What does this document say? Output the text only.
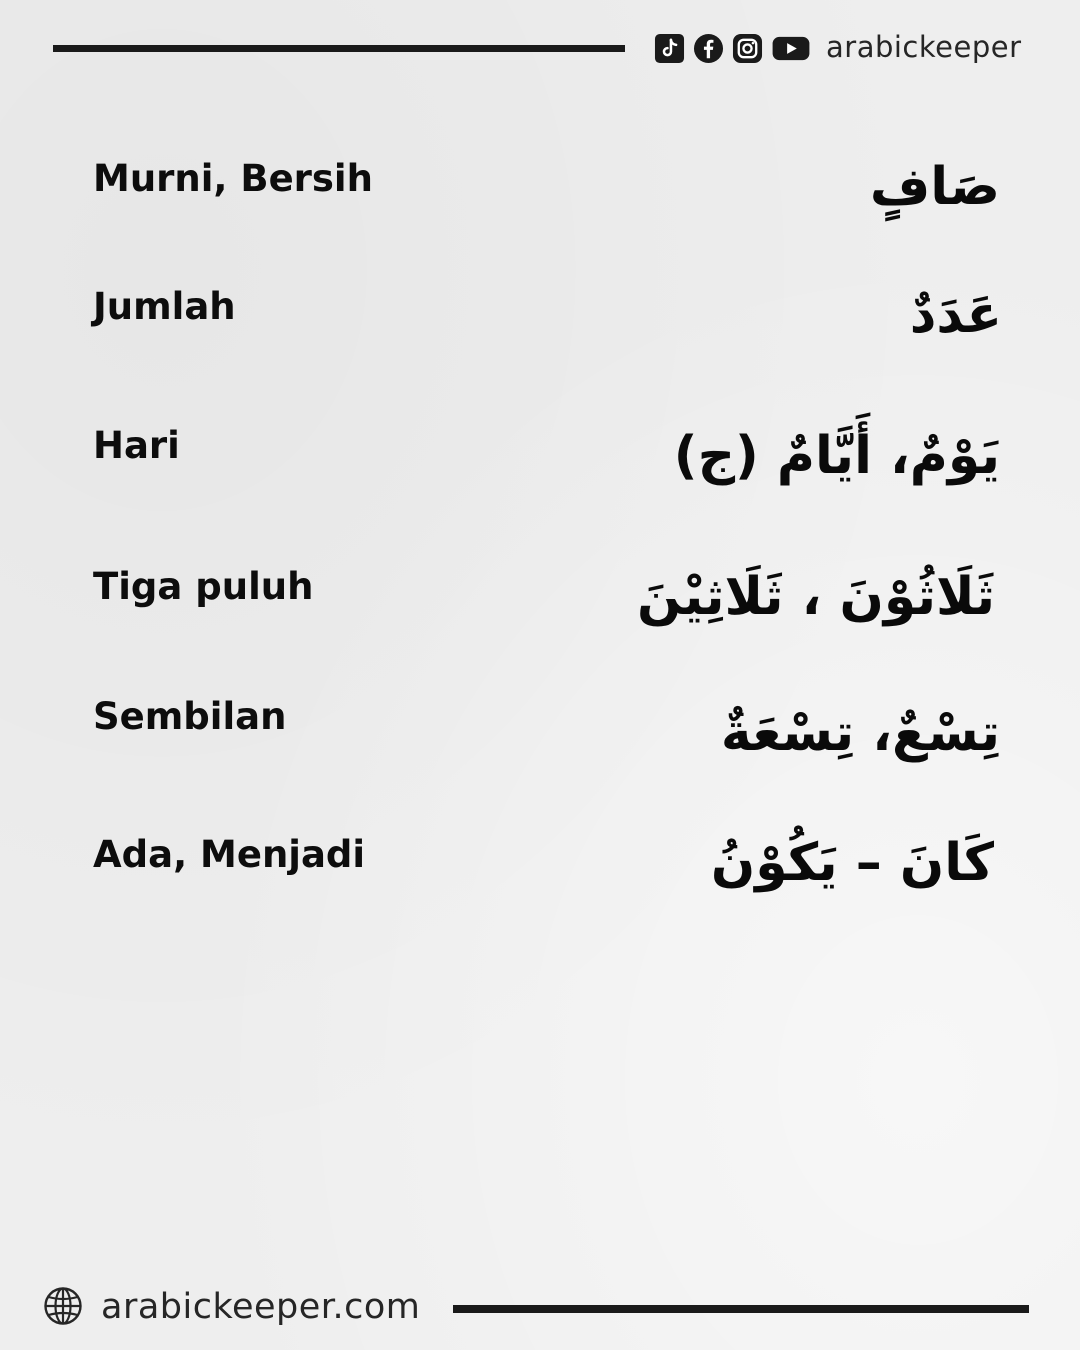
arabickeeper
Murni, Bersih	صَافٍ
Jumlah	عَدَدٌ
Hari	يَوْمٌ، أَيَّامٌ (ج)
Tiga puluh	ثَلَاثُوْنَ ، ثَلَاثِيْنَ
Sembilan	تِسْعٌ، تِسْعَةٌ
Ada, Menjadi	كَانَ – يَكُوْنُ
arabickeeper.com
